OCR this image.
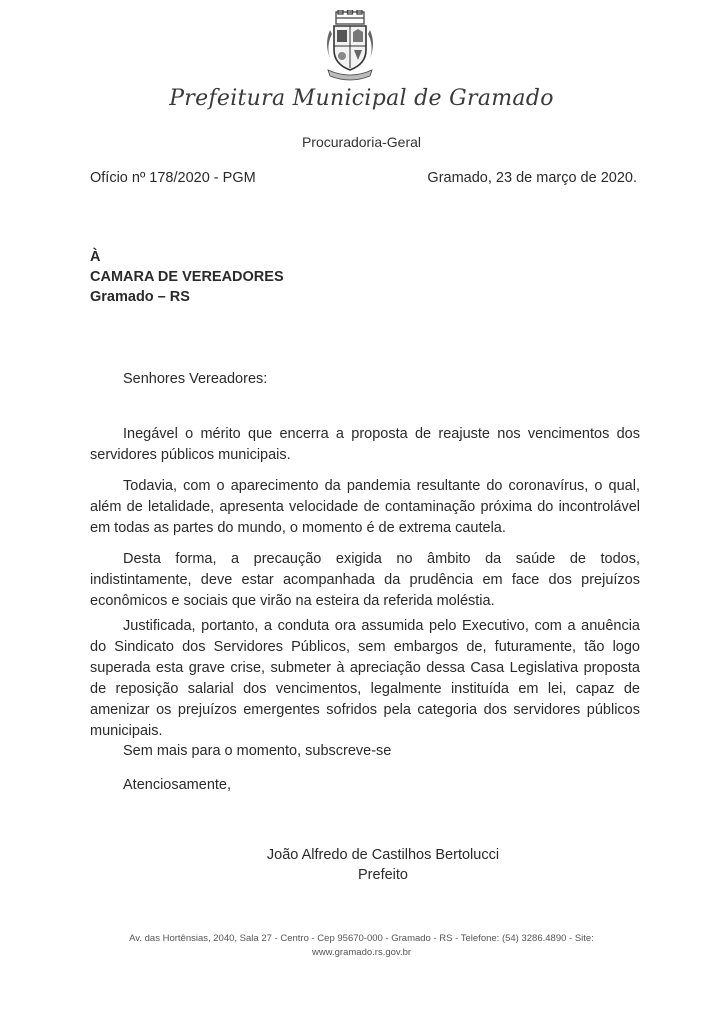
Prefeitura Municipal de Gramado
Procuradoria-Geral
Ofício nº 178/2020 - PGM	Gramado, 23 de março de 2020.
À
CAMARA DE VEREADORES
Gramado – RS
Senhores Vereadores:

Inegável o mérito que encerra a proposta de reajuste nos vencimentos dos servidores públicos municipais.

Todavia, com o aparecimento da pandemia resultante do coronavírus, o qual, além de letalidade, apresenta velocidade de contaminação próxima do incontrolável em todas as partes do mundo, o momento é de extrema cautela.

Desta forma, a precaução exigida no âmbito da saúde de todos, indistintamente, deve estar acompanhada da prudência em face dos prejuízos econômicos e sociais que virão na esteira da referida moléstia.

Justificada, portanto, a conduta ora assumida pelo Executivo, com a anuência do Sindicato dos Servidores Públicos, sem embargos de, futuramente, tão logo superada esta grave crise, submeter à apreciação dessa Casa Legislativa proposta de reposição salarial dos vencimentos, legalmente instituída em lei, capaz de amenizar os prejuízos emergentes sofridos pela categoria dos servidores públicos municipais.

Sem mais para o momento, subscreve-se
Atenciosamente,
João Alfredo de Castilhos Bertolucci
Prefeito
Av. das Hortênsias, 2040, Sala 27 - Centro - Cep 95670-000 - Gramado - RS - Telefone: (54) 3286.4890 - Site:
www.gramado.rs.gov.br
